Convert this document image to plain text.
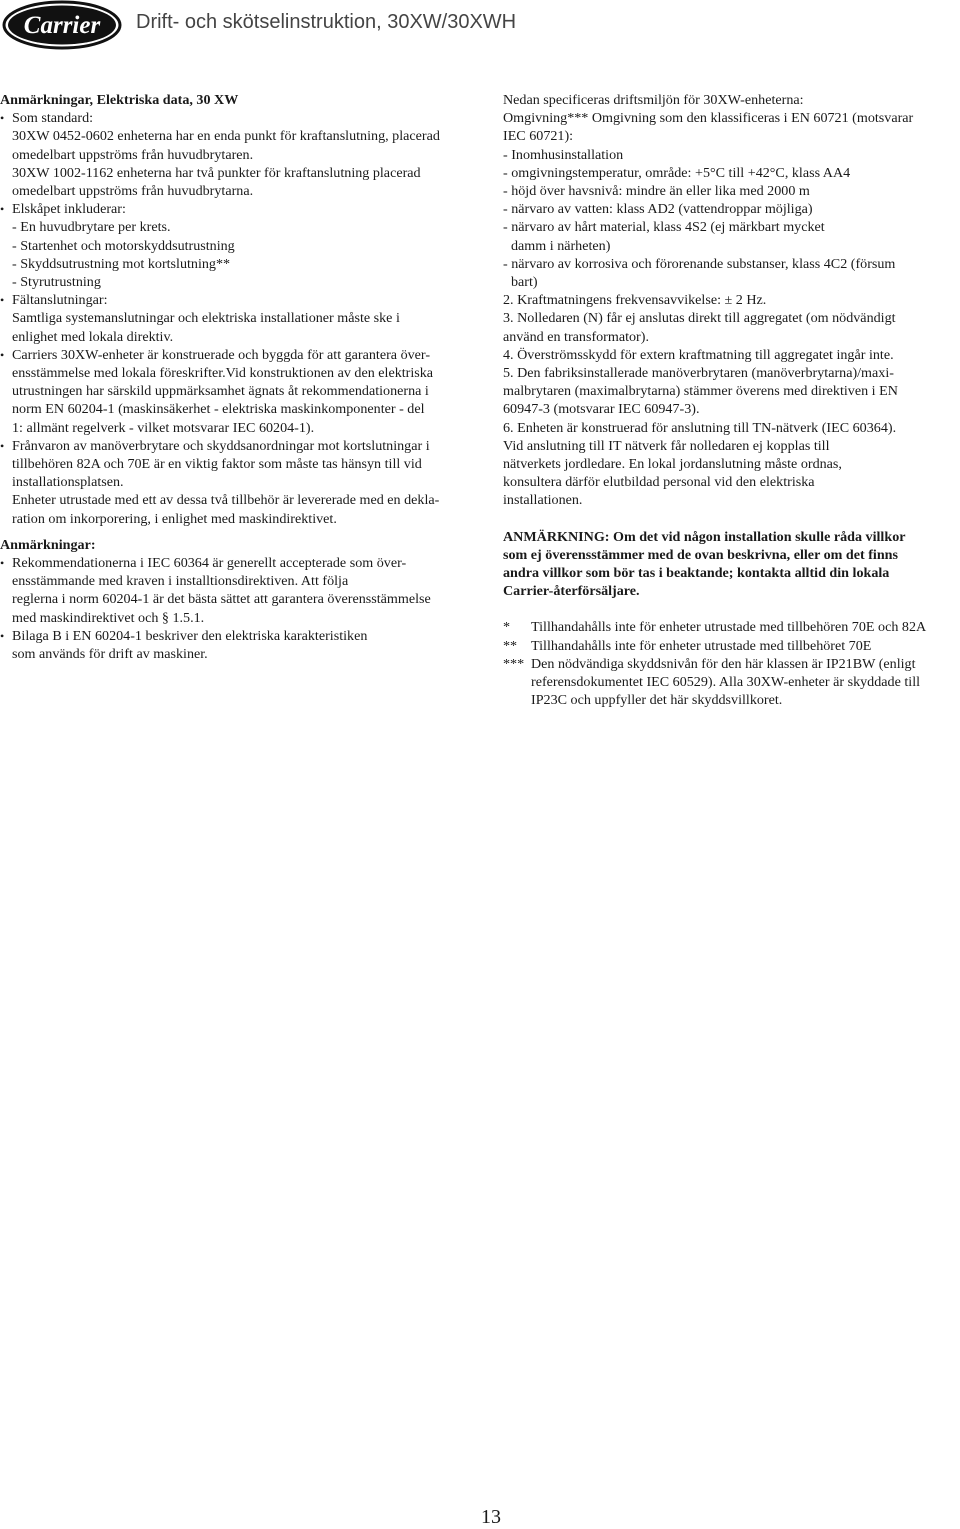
Carrier Drift- och skötselinstruktion, 30XW/30XWH
Anmärkningar, Elektriska data, 30 XW
• Som standard:
30XW 0452-0602 enheterna har en enda punkt för kraftanslutning, placerad
omedelbart uppströms från huvudbrytaren.
30XW 1002-1162 enheterna har två punkter för kraftanslutning placerad
omedelbart uppströms från huvudbrytarna.
• Elskåpet inkluderar:
- En huvudbrytare per krets.
- Startenhet och motorskyddsutrustning
- Skyddsutrustning mot kortslutning**
- Styrutrustning
• Fältanslutningar:
Samtliga systemanslutningar och elektriska installationer måste ske i
enlighet med lokala direktiv.
• Carriers 30XW-enheter är konstruerade och byggda för att garantera över-
ensstämmelse med lokala föreskrifter.Vid konstruktionen av den elektriska
utrustningen har särskild uppmärksamhet ägnats åt rekommendationerna i
norm EN 60204-1 (maskinsäkerhet - elektriska maskinkomponenter - del
1: allmänt regelverk - vilket motsvarar IEC 60204-1).
• Frånvaron av manöverbrytare och skyddsanordningar mot kortslutningar i
tillbehören 82A och 70E är en viktig faktor som måste tas hänsyn till vid
installationsplatsen.
Enheter utrustade med ett av dessa två tillbehör är levererade med en dekla-
ration om inkorporering, i enlighet med maskindirektivet.
Anmärkningar:
• Rekommendationerna i IEC 60364 är generellt accepterade som över-
ensstämmande med kraven i installtionsdirektiven. Att följa
reglerna i norm 60204-1 är det bästa sättet att garantera överensstämmelse
med maskindirektivet och § 1.5.1.
• Bilaga B i EN 60204-1 beskriver den elektriska karakteristiken
som används för drift av maskiner.
Nedan specificeras driftsmiljön för 30XW-enheterna:
Omgivning*** Omgivning som den klassificeras i EN 60721 (motsvarar
IEC 60721):
- Inomhusinstallation
- omgivningstemperatur, område: +5°C till +42°C, klass AA4
- höjd över havsnivå: mindre än eller lika med 2000 m
- närvaro av vatten: klass AD2 (vattendroppar möjliga)
- närvaro av hårt material, klass 4S2 (ej märkbart mycket
damm i närheten)
- närvaro av korrosiva och förorenande substanser, klass 4C2 (försum
bart)
2. Kraftmatningens frekvensavvikelse: ± 2 Hz.
3. Nolledaren (N) får ej anslutas direkt till aggregatet (om nödvändigt
använd en transformator).
4. Överströmsskydd för extern kraftmatning till aggregatet ingår inte.
5. Den fabriksinstallerade manöverbrytaren (manöverbrytarna)/maxi-
malbrytaren (maximalbrytarna) stämmer överens med direktiven i EN
60947-3 (motsvarar IEC 60947-3).
6. Enheten är konstruerad för anslutning till TN-nätverk (IEC 60364).
Vid anslutning till IT nätverk får nolledaren ej kopplas till
nätverkets jordledare. En lokal jordanslutning måste ordnas,
konsultera därför elutbildad personal vid den elektriska
installationen.
ANMÄRKNING: Om det vid någon installation skulle råda villkor
som ej överensstämmer med de ovan beskrivna, eller om det finns
andra villkor som bör tas i beaktande; kontakta alltid din lokala
Carrier-återförsäljare.
*	Tillhandahålls inte för enheter utrustade med tillbehören 70E och 82A
** Tillhandahålls inte för enheter utrustade med tillbehöret 70E
*** Den nödvändiga skyddsnivån för den här klassen är IP21BW (enligt
referensdokumentet IEC 60529). Alla 30XW-enheter är skyddade till
IP23C och uppfyller det här skyddsvillkoret.
13
